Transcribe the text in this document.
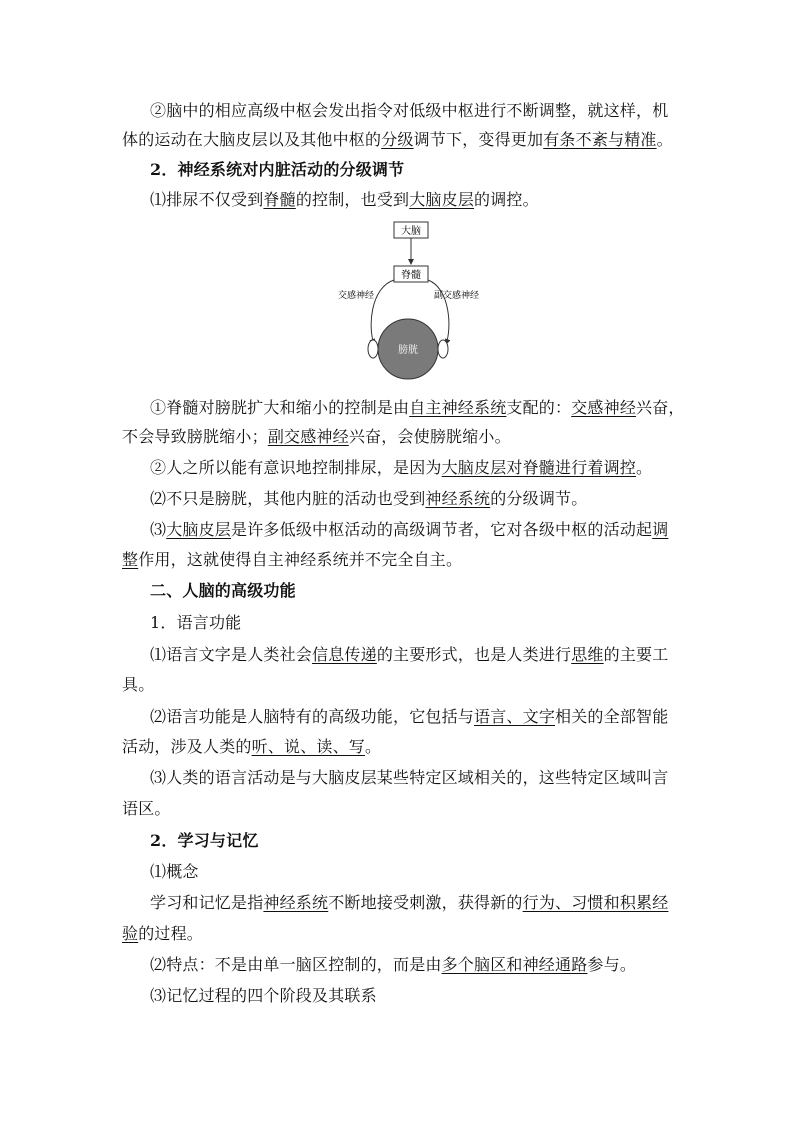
②脑中的相应高级中枢会发出指令对低级中枢进行不断调整，就这样，机
体的运动在大脑皮层以及其他中枢的分级调节下，变得更加有条不紊与精准。
2．神经系统对内脏活动的分级调节
⑴排尿不仅受到脊髓的控制，也受到大脑皮层的调控。
大脑
脊髓
交感神经	副交感神经
膀胱
①脊髓对膀胱扩大和缩小的控制是由自主神经系统支配的：交感神经兴奋，
不会导致膀胱缩小；副交感神经兴奋，会使膀胱缩小。
②人之所以能有意识地控制排尿，是因为大脑皮层对脊髓进行着调控。
⑵不只是膀胱，其他内脏的活动也受到神经系统的分级调节。
⑶大脑皮层是许多低级中枢活动的高级调节者，它对各级中枢的活动起调
整作用，这就使得自主神经系统并不完全自主。
二、人脑的高级功能
1．语言功能
⑴语言文字是人类社会信息传递的主要形式，也是人类进行思维的主要工
具。
⑵语言功能是人脑特有的高级功能，它包括与语言、文字相关的全部智能
活动，涉及人类的听、说、读、写。
⑶人类的语言活动是与大脑皮层某些特定区域相关的，这些特定区域叫言
语区。
2．学习与记忆
⑴概念
学习和记忆是指神经系统不断地接受刺激，获得新的行为、习惯和积累经
验的过程。
⑵特点：不是由单一脑区控制的，而是由多个脑区和神经通路参与。
⑶记忆过程的四个阶段及其联系
